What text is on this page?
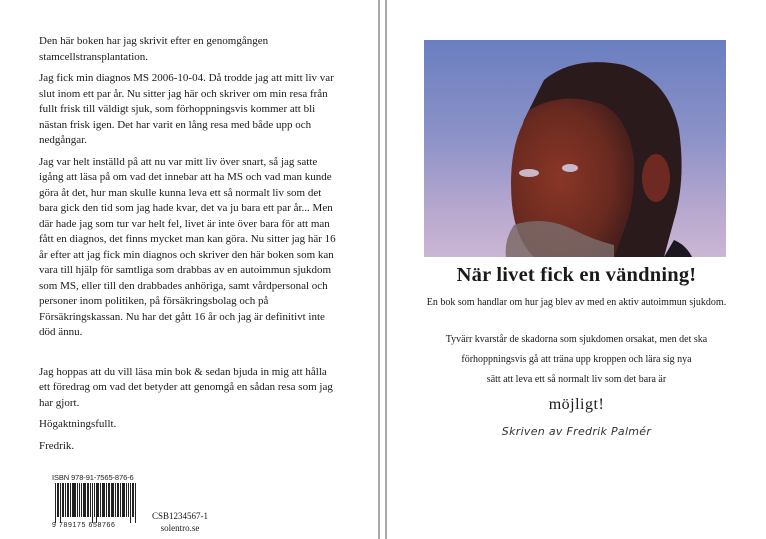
Den här boken har jag skrivit efter en genomgången stamcellstransplantation.

Jag fick min diagnos MS 2006-10-04. Då trodde jag att mitt liv var slut inom ett par år. Nu sitter jag här och skriver om min resa från fullt frisk till väldigt sjuk, som förhoppningsvis kommer att bli nästan frisk igen. Det har varit en lång resa med både upp och nedgångar.

Jag var helt inställd på att nu var mitt liv över snart, så jag satte igång att läsa på om vad det innebar att ha MS och vad man kunde göra åt det, hur man skulle kunna leva ett så normalt liv som det bara gick den tid som jag hade kvar, det va ju bara ett par år... Men där hade jag som tur var helt fel, livet är inte över bara för att man fått en diagnos, det finns mycket man kan göra. Nu sitter jag här 16 år efter att jag fick min diagnos och skriver den här boken som kan vara till hjälp för samtliga som drabbas av en autoimmun sjukdom som MS, eller till den drabbades anhöriga, samt vårdpersonal och personer inom politiken, på försäkringsbolag och på Försäkringskassan. Nu har det gått 16 år och jag är definitivt inte död ännu.

Jag hoppas att du vill läsa min bok & sedan bjuda in mig att hålla ett föredrag om vad det betyder att genomgå en sådan resa som jag har gjort.

Högaktningsfullt.

Fredrik.

ISBN 978-91-7565-876-6
9 789175 658766
CSB1234567-1
solentro.se
När livet fick en vändning!
En bok som handlar om hur jag blev av med en aktiv autoimmun sjukdom.
Tyvärr kvarstår de skadorna som sjukdomen orsakat, men det ska
förhoppningsvis gå att träna upp kroppen och lära sig nya
sätt att leva ett så normalt liv som det bara är
möjligt!
Skriven av Fredrik Palmér
